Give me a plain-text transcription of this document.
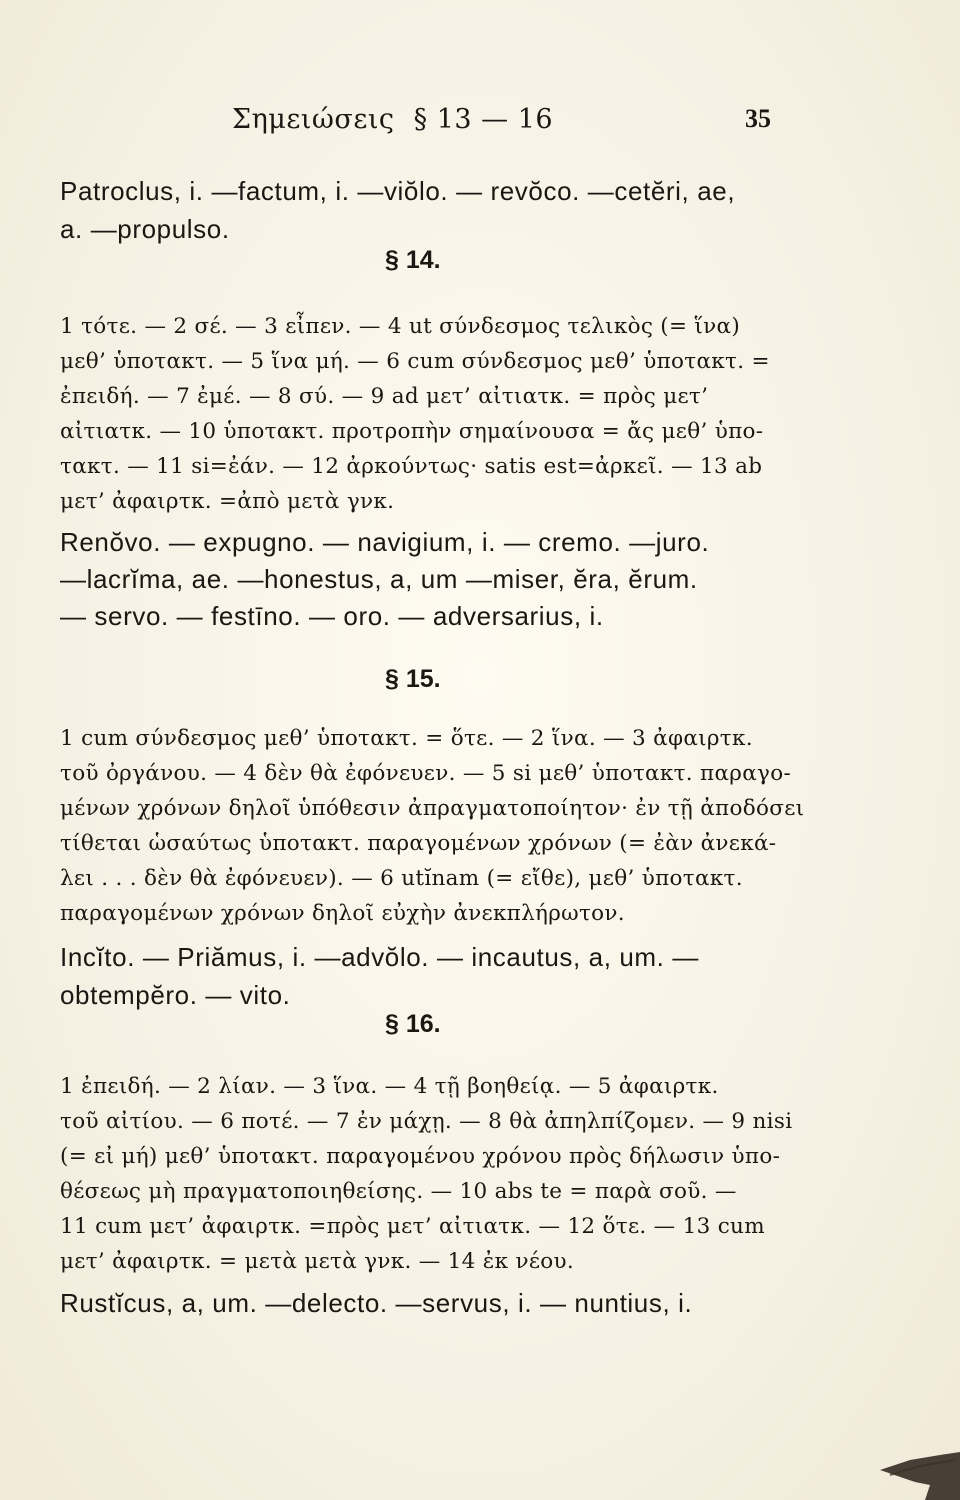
Σημειώσεις § 13 — 16	35
Patroclus, i. —factum, i. —viŏlo. — revŏco. —cetĕri, ae,
a. —propulso.
§ 14.
1 τότε. — 2 σέ. — 3 εἶπεν. — 4 ut σύνδεσμος τελικὸς (= ἵνα)
μεθ’ ὑποτακτ. — 5 ἵνα μή. — 6 cum σύνδεσμος μεθ’ ὑποτακτ. =
ἐπειδή. — 7 ἐμέ. — 8 σύ. — 9 ad μετ’ αἰτιατκ. = πρὸς μετ’
αἰτιατκ. — 10 ὑποτακτ. προτροπὴν σημαίνουσα = ἄς μεθ’ ὑπο-
τακτ. — 11 si=ἐάν. — 12 ἀρκούντως· satis est=ἀρκεῖ. — 13 ab
μετ’ ἀφαιρτκ. =ἀπὸ μετὰ γνκ.
Renŏvo. — expugno. — navigium, i. — cremo. —juro.
—lacrĭma, ae. —honestus, a, um —miser, ĕra, ĕrum.
— servo. — festīno. — oro. — adversarius, i.
§ 15.
1 cum σύνδεσμος μεθ’ ὑποτακτ. = ὅτε. — 2 ἵνα. — 3 ἀφαιρτκ.
τοῦ ὀργάνου. — 4 δὲν θὰ ἐφόνευεν. — 5 si μεθ’ ὑποτακτ. παραγο-
μένων χρόνων δηλοῖ ὑπόθεσιν ἀπραγματοποίητον· ἐν τῇ ἀποδόσει
τίθεται ὡσαύτως ὑποτακτ. παραγομένων χρόνων (= ἐὰν ἀνεκά-
λει . . . δὲν θὰ ἐφόνευεν). — 6 utĭnam (= εἴθε), μεθ’ ὑποτακτ.
παραγομένων χρόνων δηλοῖ εὐχὴν ἀνεκπλήρωτον.
Incĭto. — Priămus, i. —advŏlo. — incautus, a, um. —
obtempĕro. — vito.
§ 16.
1 ἐπειδή. — 2 λίαν. — 3 ἵνα. — 4 τῇ βοηθείᾳ. — 5 ἀφαιρτκ.
τοῦ αἰτίου. — 6 ποτέ. — 7 ἐν μάχῃ. — 8 θὰ ἀπηλπίζομεν. — 9 nisi
(= εἰ μή) μεθ’ ὑποτακτ. παραγομένου χρόνου πρὸς δήλωσιν ὑπο-
θέσεως μὴ πραγματοποιηθείσης. — 10 abs te = παρὰ σοῦ. —
11 cum μετ’ ἀφαιρτκ. =πρὸς μετ’ αἰτιατκ. — 12 ὅτε. — 13 cum
μετ’ ἀφαιρτκ. = μετὰ μετὰ γνκ. — 14 ἐκ νέου.
Rustĭcus, a, um. —delecto. —servus, i. — nuntius, i.
